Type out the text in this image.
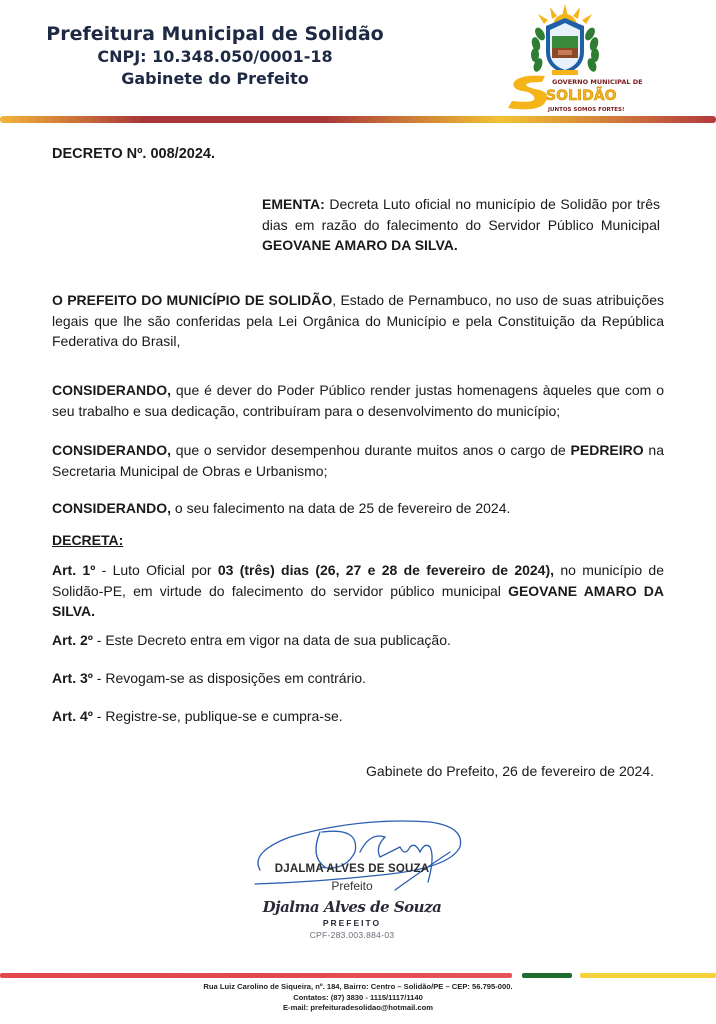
Prefeitura Municipal de Solidão
CNPJ: 10.348.050/0001-18
Gabinete do Prefeito	GOVERNO MUNICIPAL DE
SOLIDÃO
JUNTOS SOMOS FORTES!
DECRETO Nº. 008/2024.
EMENTA: Decreta Luto oficial no município de Solidão por três dias em razão do falecimento do Servidor Público Municipal GEOVANE AMARO DA SILVA.
O PREFEITO DO MUNICÍPIO DE SOLIDÃO, Estado de Pernambuco, no uso de suas atribuições legais que lhe são conferidas pela Lei Orgânica do Município e pela Constituição da República Federativa do Brasil,
CONSIDERANDO, que é dever do Poder Público render justas homenagens àqueles que com o seu trabalho e sua dedicação, contribuíram para o desenvolvimento do município;
CONSIDERANDO, que o servidor desempenhou durante muitos anos o cargo de PEDREIRO na Secretaria Municipal de Obras e Urbanismo;
CONSIDERANDO, o seu falecimento na data de 25 de fevereiro de 2024.
DECRETA:
Art. 1º - Luto Oficial por 03 (três) dias (26, 27 e 28 de fevereiro de 2024), no município de Solidão-PE, em virtude do falecimento do servidor público municipal GEOVANE AMARO DA SILVA.
Art. 2º - Este Decreto entra em vigor na data de sua publicação.
Art. 3º - Revogam-se as disposições em contrário.
Art. 4º - Registre-se, publique-se e cumpra-se.
Gabinete do Prefeito, 26 de fevereiro de 2024.
DJALMA ALVES DE SOUZA
Prefeito
Djalma Alves de Souza
PREFEITO
CPF-283.003.884-03
Rua Luiz Carolino de Siqueira, nº. 184, Bairro: Centro – Solidão/PE – CEP: 56.795-000.
Contatos: (87) 3830 - 1115/1117/1140
E-mail: prefeituradesolidao@hotmail.com
